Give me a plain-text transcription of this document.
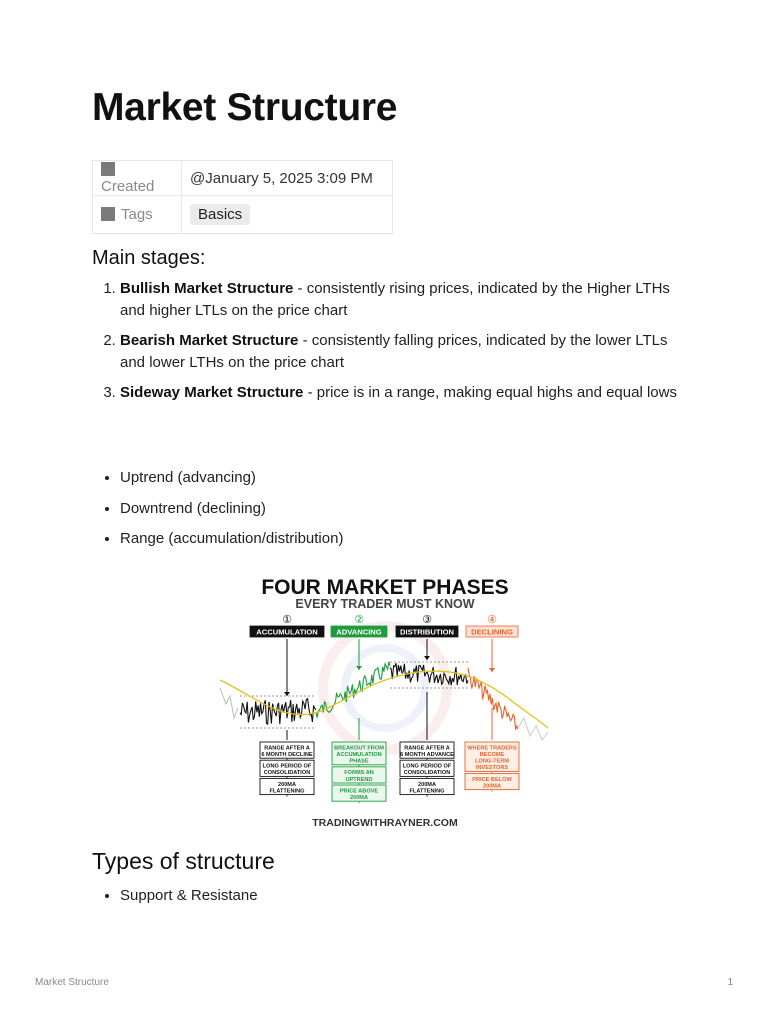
Market Structure
Created	@January 5, 2025 3:09 PM
Tags	Basics
Main stages:
1. Bullish Market Structure - consistently rising prices, indicated by the Higher LTHs and higher LTLs on the price chart
2. Bearish Market Structure - consistently falling prices, indicated by the lower LTLs and lower LTHs on the price chart
3. Sideway Market Structure - price is in a range, making equal highs and equal lows
• Uptrend (advancing)
• Downtrend (declining)
• Range (accumulation/distribution)
FOUR MARKET PHASES
EVERY TRADER MUST KNOW
①
ACCUMULATION
RANGE AFTER A
6 MONTH DECLINE
LONG PERIOD OF
CONSOLIDATION
200MA
FLATTENING
②
ADVANCING
BREAKOUT FROM
ACCUMULATION
PHASE
FORMS AN
UPTREND
PRICE ABOVE
200MA
③
DISTRIBUTION
RANGE AFTER A
6 MONTH ADVANCE
LONG PERIOD OF
CONSOLIDATION
200MA
FLATTENING
④
DECLINING
WHERE TRADERS
BECOME
LONG-TERM
INVESTORS
PRICE BELOW
200MA
TRADINGWITHRAYNER.COM
Types of structure
• Support & Resistane
Market Structure	1
